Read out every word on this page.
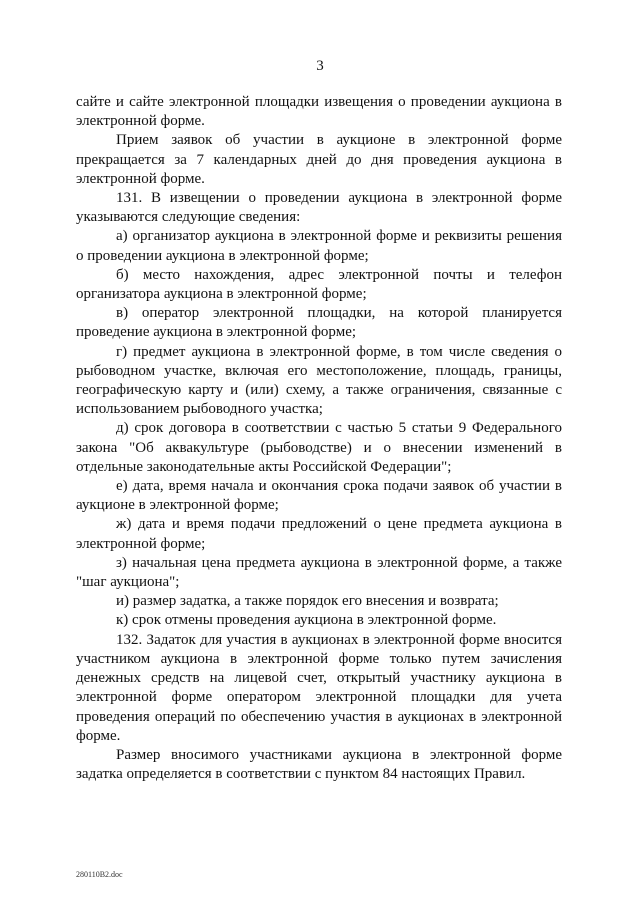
3

сайте и сайте электронной площадки извещения о проведении аукциона в электронной форме.

Прием заявок об участии в аукционе в электронной форме прекращается за 7 календарных дней до дня проведения аукциона в электронной форме.

131. В извещении о проведении аукциона в электронной форме указываются следующие сведения:

а) организатор аукциона в электронной форме и реквизиты решения о проведении аукциона в электронной форме;

б) место нахождения, адрес электронной почты и телефон организатора аукциона в электронной форме;

в) оператор электронной площадки, на которой планируется проведение аукциона в электронной форме;

г) предмет аукциона в электронной форме, в том числе сведения о рыбоводном участке, включая его местоположение, площадь, границы, географическую карту и (или) схему, а также ограничения, связанные с использованием рыбоводного участка;

д) срок договора в соответствии с частью 5 статьи 9 Федерального закона "Об аквакультуре (рыбоводстве) и о внесении изменений в отдельные законодательные акты Российской Федерации";

е) дата, время начала и окончания срока подачи заявок об участии в аукционе в электронной форме;

ж) дата и время подачи предложений о цене предмета аукциона в электронной форме;

з) начальная цена предмета аукциона в электронной форме, а также "шаг аукциона";

и) размер задатка, а также порядок его внесения и возврата;

к) срок отмены проведения аукциона в электронной форме.

132. Задаток для участия в аукционах в электронной форме вносится участником аукциона в электронной форме только путем зачисления денежных средств на лицевой счет, открытый участнику аукциона в электронной форме оператором электронной площадки для учета проведения операций по обеспечению участия в аукционах в электронной форме.

Размер вносимого участниками аукциона в электронной форме задатка определяется в соответствии с пунктом 84 настоящих Правил.

280110B2.doc
